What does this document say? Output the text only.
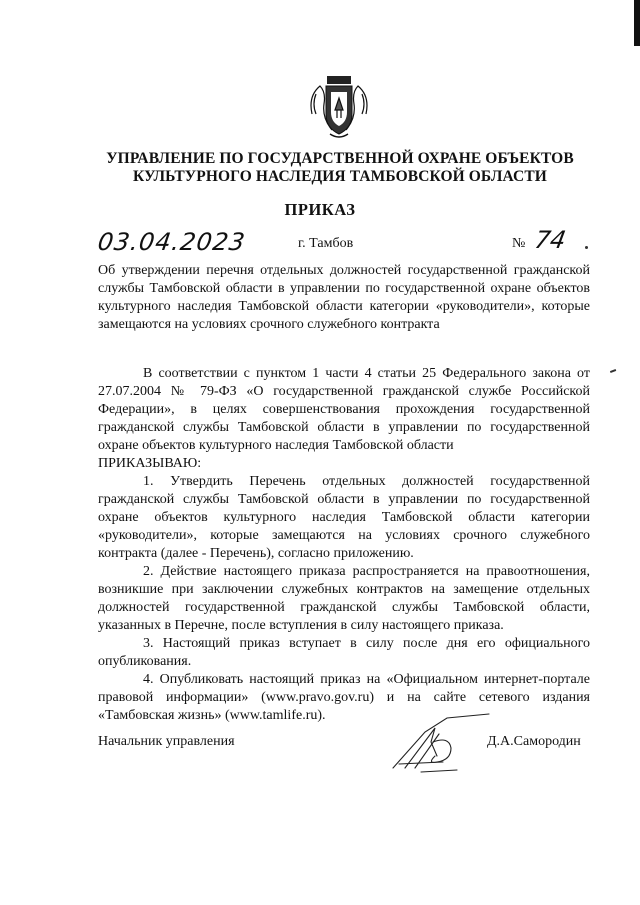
УПРАВЛЕНИЕ ПО ГОСУДАРСТВЕННОЙ ОХРАНЕ ОБЪЕКТОВ
КУЛЬТУРНОГО НАСЛЕДИЯ ТАМБОВСКОЙ ОБЛАСТИ
ПРИКАЗ
03.04.2023	г. Тамбов	№ 74
Об утверждении перечня отдельных должностей государственной гражданской службы Тамбовской области в управлении по государственной охране объектов культурного наследия Тамбовской области категории «руководители», которые замещаются на условиях срочного служебного контракта

В соответствии с пунктом 1 части 4 статьи 25 Федерального закона от 27.07.2004 № 79-ФЗ «О государственной гражданской службе Российской Федерации», в целях совершенствования прохождения государственной гражданской службы Тамбовской области в управлении по государственной охране объектов культурного наследия Тамбовской области

ПРИКАЗЫВАЮ:

1. Утвердить Перечень отдельных должностей государственной гражданской службы Тамбовской области в управлении по государственной охране объектов культурного наследия Тамбовской области категории «руководители», которые замещаются на условиях срочного служебного контракта (далее - Перечень), согласно приложению.

2. Действие настоящего приказа распространяется на правоотношения, возникшие при заключении служебных контрактов на замещение отдельных должностей государственной гражданской службы Тамбовской области, указанных в Перечне, после вступления в силу настоящего приказа.

3. Настоящий приказ вступает в силу после дня его официального опубликования.

4. Опубликовать настоящий приказ на «Официальном интернет-портале правовой информации» (www.pravo.gov.ru) и на сайте сетевого издания «Тамбовская жизнь» (www.tamlife.ru).

Начальник управления	Д.А.Самородин
